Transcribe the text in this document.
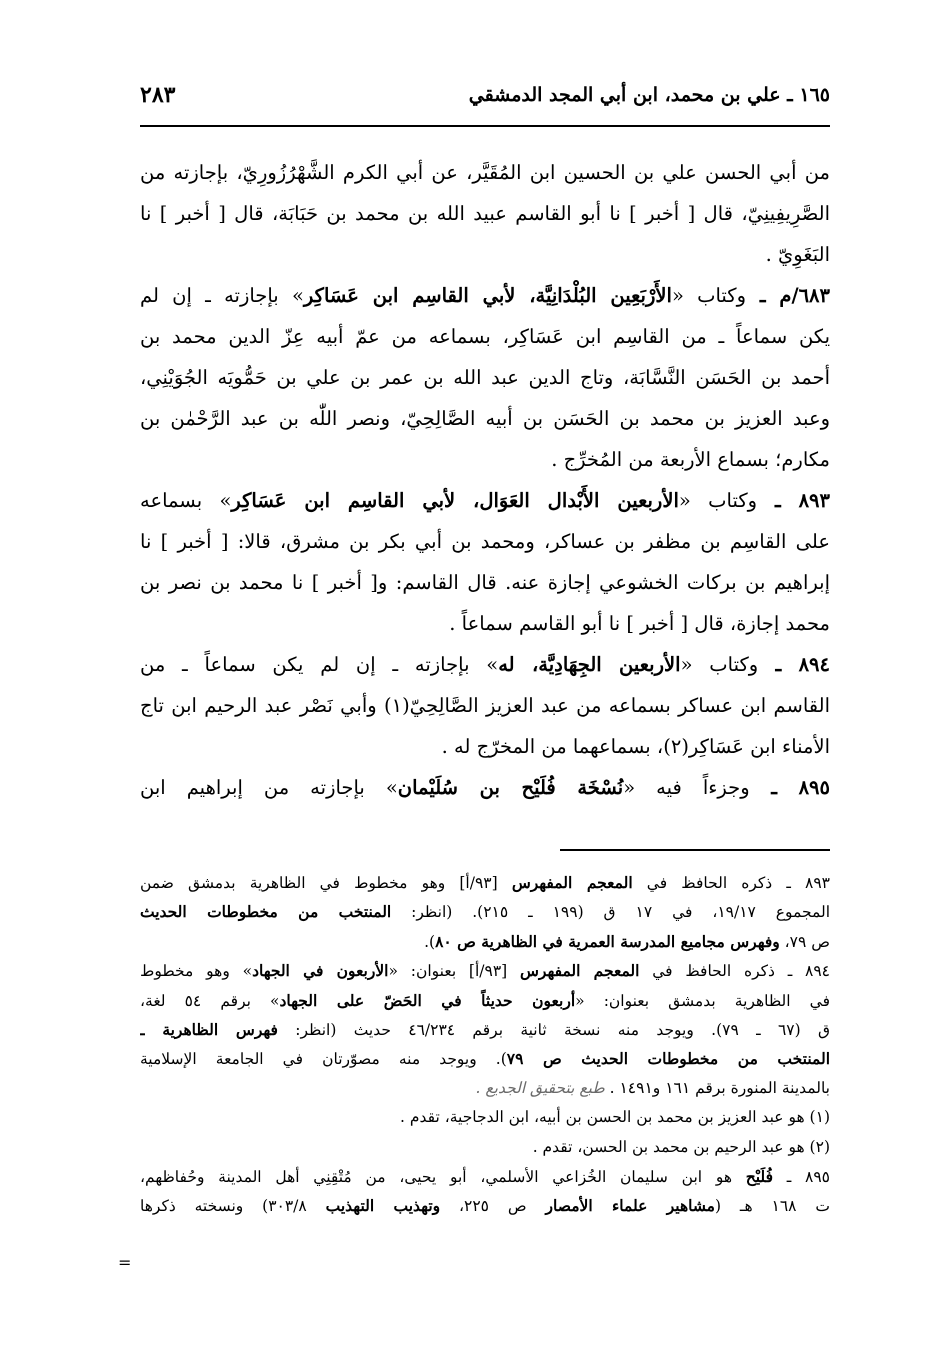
١٦٥ ـ علي بن محمد، ابن أبي المجد الدمشقي
٢٨٣
من أبي الحسن علي بن الحسين ابن المُقَيَّر، عن أبي الكرم الشَّهْرُزُورِيّ، بإجازته من
الصَّرِيفِينِيّ، قال [ أخبر ] نا أبو القاسم عبيد الله بن محمد بن حَبَابَة، قال [ أخبر ] نا
البَغَوِيّ .
٦٨٣/م ـ وكتاب «الأَرْبَعِين البُلْدَانِيَّة، لأبي القاسِم ابن عَسَاكِر» بإجازته ـ إن لم
يكن سماعاً ـ من القاسِم ابن عَسَاكِر، بسماعه من عمّ أبيه عِزّ الدين محمد بن
أحمد بن الحَسَن النَّسَّابَة، وتاج الدين عبد الله بن عمر بن علي بن حَمُّويَه الجُوَيْنِي،
وعبد العزيز بن محمد بن الحَسَن بن أبيه الصَّالِحِيّ، ونصر اللّٰه بن عبد الرَّحْمٰن بن
مكارم؛ بسماع الأربعة من المُخرِّج .
٨٩٣ ـ وكتاب «الأربعين الأَبْدال العَوَال، لأبي القاسِم ابن عَسَاكِر» بسماعه
على القاسِم بن مظفر بن عساكر، ومحمد بن أبي بكر بن مشرق، قالا: [ أخبر ] نا
إبراهيم بن بركات الخشوعي إجازة عنه. قال القاسم: و[ أخبر ] نا محمد بن نصر بن
محمد إجازة، قال [ أخبر ] نا أبو القاسم سماعاً .
٨٩٤ ـ وكتاب «الأربعين الجِهَادِيَّة، له» بإجازته ـ إن لم يكن سماعاً ـ من
القاسم ابن عساكر بسماعه من عبد العزيز الصَّالِحِيّ(١) وأبي نَصْر عبد الرحيم ابن تاج
الأمناء ابن عَسَاكِر(٢)، بسماعهما من المخرّج له .
٨٩٥ ـ وجزءاً فيه «نُسْخَة فُلَيْح بن سُلَيْمان» بإجازته من إبراهيم ابن
٨٩٣ ـ ذكره الحافظ في المعجم المفهرس [٩٣/أ] وهو مخطوط في الظاهرية بدمشق ضمن
المجموع ١٩/١٧، في ١٧ ق (١٩٩ ـ ٢١٥). (انظر: المنتخب من مخطوطات الحديث
ص ٧٩، وفهرس مجاميع المدرسة العمرية في الظاهرية ص ٨٠).
٨٩٤ ـ ذكره الحافظ في المعجم المفهرس [٩٣/أ] بعنوان: «الأربعون في الجهاد» وهو مخطوط
في الظاهرية بدمشق بعنوان: «أربعون حديثاً في الحَضّ على الجهاد» برقم ٥٤ لغة،
ق (٦٧ ـ ٧٩). ويوجد منه نسخة ثانية برقم ٤٦/٢٣٤ حديث (انظر: فهرس الظاهرية ـ
المنتخب من مخطوطات الحديث ص ٧٩). ويوجد منه مصوّرتان في الجامعة الإسلامية
بالمدينة المنورة برقم ١٦١ و١٤٩١ . طبع بتحقيق الجديع .
(١) هو عبد العزيز بن محمد بن الحسن بن أبيه، ابن الدجاجية، تقدم .
(٢) هو عبد الرحيم بن محمد بن الحسن، تقدم .
٨٩٥ ـ فُلَيْح هو ابن سليمان الخُزاعي الأسلمي، أبو يحيى، من مُتْقِنِي أهل المدينة وحُفاظهم،
ت ١٦٨ هـ (مشاهير علماء الأمصار ص ٢٢٥، وتهذيب التهذيب ٣٠٣/٨) ونسخته ذكرها
=
